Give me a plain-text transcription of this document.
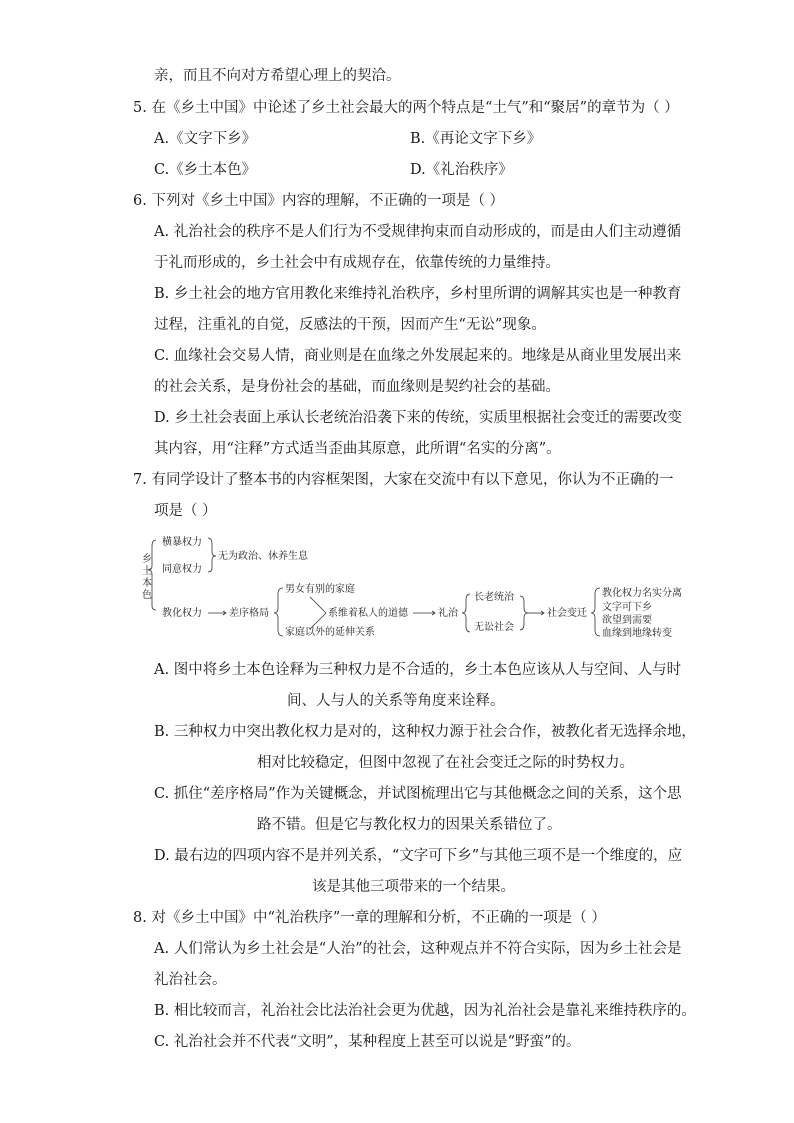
亲，而且不向对方希望心理上的契洽。
5. 在《乡土中国》中论述了乡土社会最大的两个特点是“土气”和“聚居”的章节为（ ）
A.《文字下乡》	B.《再论文字下乡》
C.《乡土本色》	D.《礼治秩序》
6. 下列对《乡土中国》内容的理解，不正确的一项是（ ）
A. 礼治社会的秩序不是人们行为不受规律拘束而自动形成的，而是由人们主动遵循
于礼而形成的，乡土社会中有成规存在，依靠传统的力量维持。
B. 乡土社会的地方官用教化来维持礼治秩序，乡村里所谓的调解其实也是一种教育
过程，注重礼的自觉，反感法的干预，因而产生“无讼”现象。
C. 血缘社会交易人情，商业则是在血缘之外发展起来的。地缘是从商业里发展出来
的社会关系，是身份社会的基础，而血缘则是契约社会的基础。
D. 乡土社会表面上承认长老统治沿袭下来的传统，实质里根据社会变迁的需要改变
其内容，用“注释”方式适当歪曲其原意，此所谓“名实的分离”。
7. 有同学设计了整本书的内容框架图，大家在交流中有以下意见，你认为不正确的一
项是（ ）
乡
土
本
色
横暴权力
同意权力
无为政治、休养生息
教化权力	差序格局
男女有别的家庭
家庭以外的延伸关系
系维着私人的道德	礼治
长老统治
无讼社会
社会变迁
教化权力名实分离
文字可下乡
欲望到需要
血缘到地缘转变
A. 图中将乡土本色诠释为三种权力是不合适的，乡土本色应该从人与空间、人与时
间、人与人的关系等角度来诠释。
B. 三种权力中突出教化权力是对的，这种权力源于社会合作，被教化者无选择余地，
相对比较稳定，但图中忽视了在社会变迁之际的时势权力。
C. 抓住“差序格局”作为关键概念，并试图梳理出它与其他概念之间的关系，这个思
路不错。但是它与教化权力的因果关系错位了。
D. 最右边的四项内容不是并列关系，“文字可下乡”与其他三项不是一个维度的，应
该是其他三项带来的一个结果。
8. 对《乡土中国》中“礼治秩序”一章的理解和分析，不正确的一项是（ ）
A. 人们常认为乡土社会是“人治”的社会，这种观点并不符合实际，因为乡土社会是
礼治社会。
B. 相比较而言，礼治社会比法治社会更为优越，因为礼治社会是靠礼来维持秩序的。
C. 礼治社会并不代表“文明”，某种程度上甚至可以说是“野蛮”的。
